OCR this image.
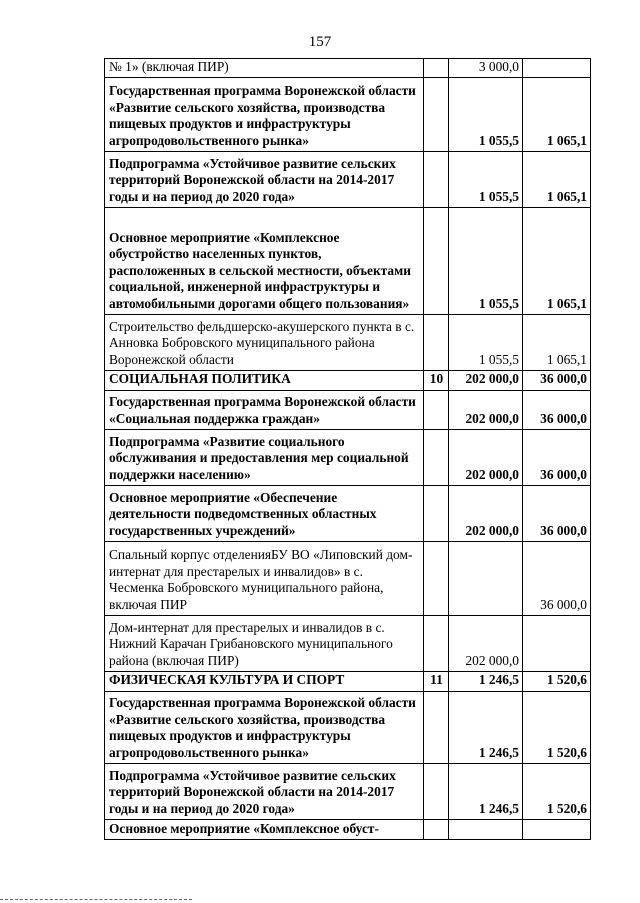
157
№ 1» (включая ПИР)		3 000,0	
Государственная программа Воронежской области «Развитие сельского хозяйства, производства пищевых продуктов и инфраструктуры агропродовольственного рынка»		1 055,5	1 065,1
Подпрограмма «Устойчивое развитие сельских территорий Воронежской области на 2014-2017 годы и на период до 2020 года»		1 055,5	1 065,1
Основное мероприятие «Комплексное обустройство населенных пунктов, расположенных в сельской местности, объектами социальной, инженерной инфраструктуры и автомобильными дорогами общего пользования»		1 055,5	1 065,1
Строительство фельдшерско-акушерского пункта в с. Анновка Бобровского муниципального района Воронежской области		1 055,5	1 065,1
СОЦИАЛЬНАЯ ПОЛИТИКА	10	202 000,0	36 000,0
Государственная программа Воронежской области «Социальная поддержка граждан»		202 000,0	36 000,0
Подпрограмма «Развитие социального обслуживания и предоставления мер социальной поддержки населению»		202 000,0	36 000,0
Основное мероприятие «Обеспечение деятельности подведомственных областных государственных учреждений»		202 000,0	36 000,0
Спальный корпус отделенияБУ ВО «Липовский дом-интернат для престарелых и инвалидов» в с. Чесменка Бобровского муниципального района, включая ПИР			36 000,0
Дом-интернат для престарелых и инвалидов в с. Нижний Карачан Грибановского муниципального района (включая ПИР)		202 000,0	
ФИЗИЧЕСКАЯ КУЛЬТУРА И СПОРТ	11	1 246,5	1 520,6
Государственная программа Воронежской области «Развитие сельского хозяйства, производства пищевых продуктов и инфраструктуры агропродовольственного рынка»		1 246,5	1 520,6
Подпрограмма «Устойчивое развитие сельских территорий Воронежской области на 2014-2017 годы и на период до 2020 года»		1 246,5	1 520,6
Основное мероприятие «Комплексное обуст-			
